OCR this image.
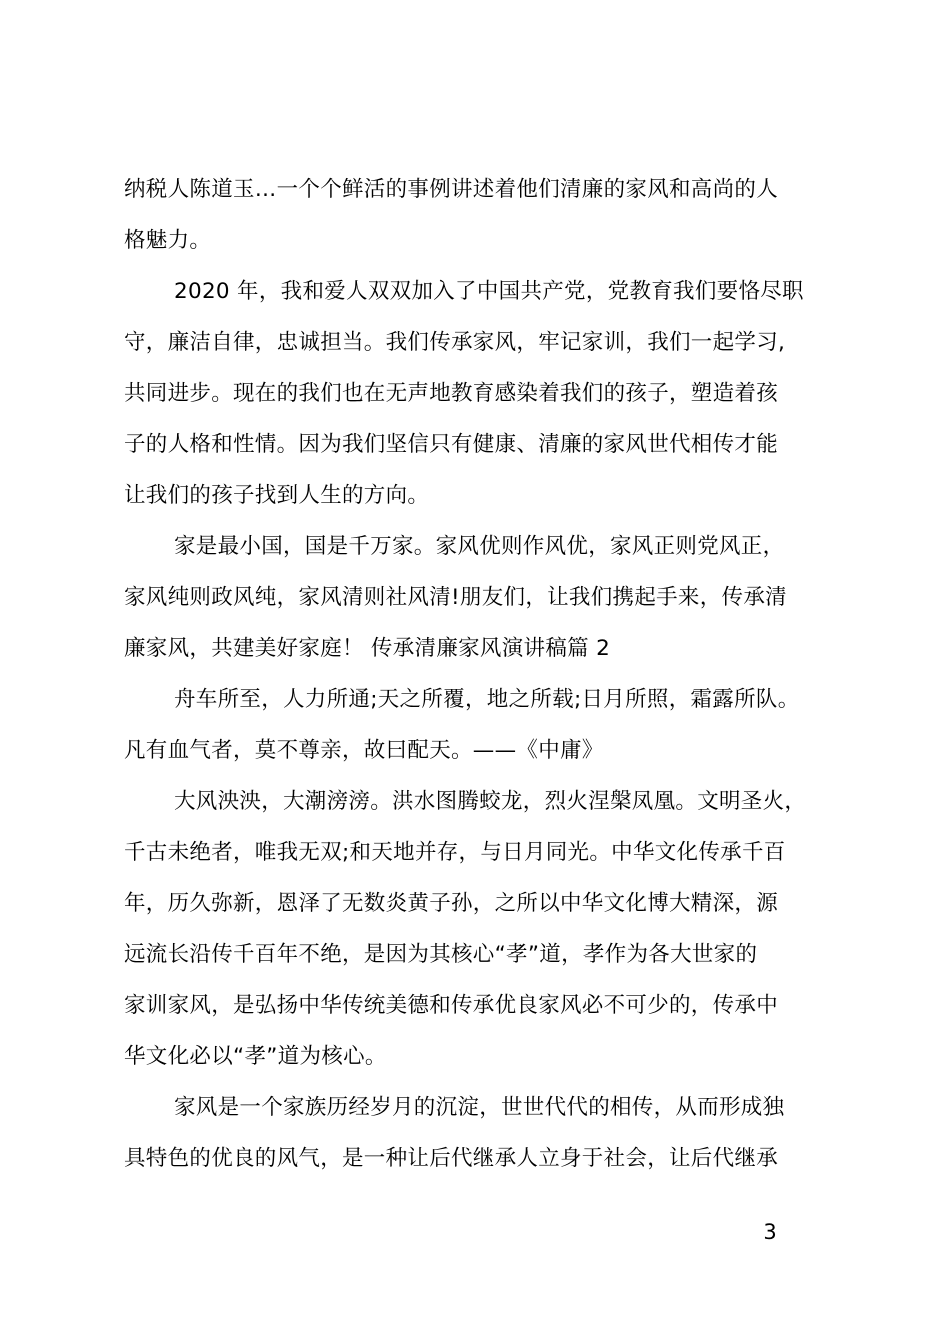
纳税人陈道玉…一个个鲜活的事例讲述着他们清廉的家风和高尚的人
格魅力。
2020 年，我和爱人双双加入了中国共产党，党教育我们要恪尽职
守，廉洁自律，忠诚担当。我们传承家风，牢记家训，我们一起学习,
共同进步。现在的我们也在无声地教育感染着我们的孩子，塑造着孩
子的人格和性情。因为我们坚信只有健康、清廉的家风世代相传才能
让我们的孩子找到人生的方向。
家是最小国，国是千万家。家风优则作风优，家风正则党风正，
家风纯则政风纯，家风清则社风清!朋友们，让我们携起手来，传承清
廉家风，共建美好家庭！ 传承清廉家风演讲稿篇 2
舟车所至，人力所通;天之所覆，地之所载;日月所照，霜露所队。
凡有血气者，莫不尊亲，故曰配天。——《中庸》
大风泱泱，大潮滂滂。洪水图腾蛟龙，烈火涅槃凤凰。文明圣火，
千古未绝者，唯我无双;和天地并存，与日月同光。中华文化传承千百
年，历久弥新，恩泽了无数炎黄子孙，之所以中华文化博大精深，源
远流长沿传千百年不绝，是因为其核心“孝”道，孝作为各大世家的
家训家风，是弘扬中华传统美德和传承优良家风必不可少的，传承中
华文化必以“孝”道为核心。
家风是一个家族历经岁月的沉淀，世世代代的相传，从而形成独
具特色的优良的风气，是一种让后代继承人立身于社会，让后代继承
3
